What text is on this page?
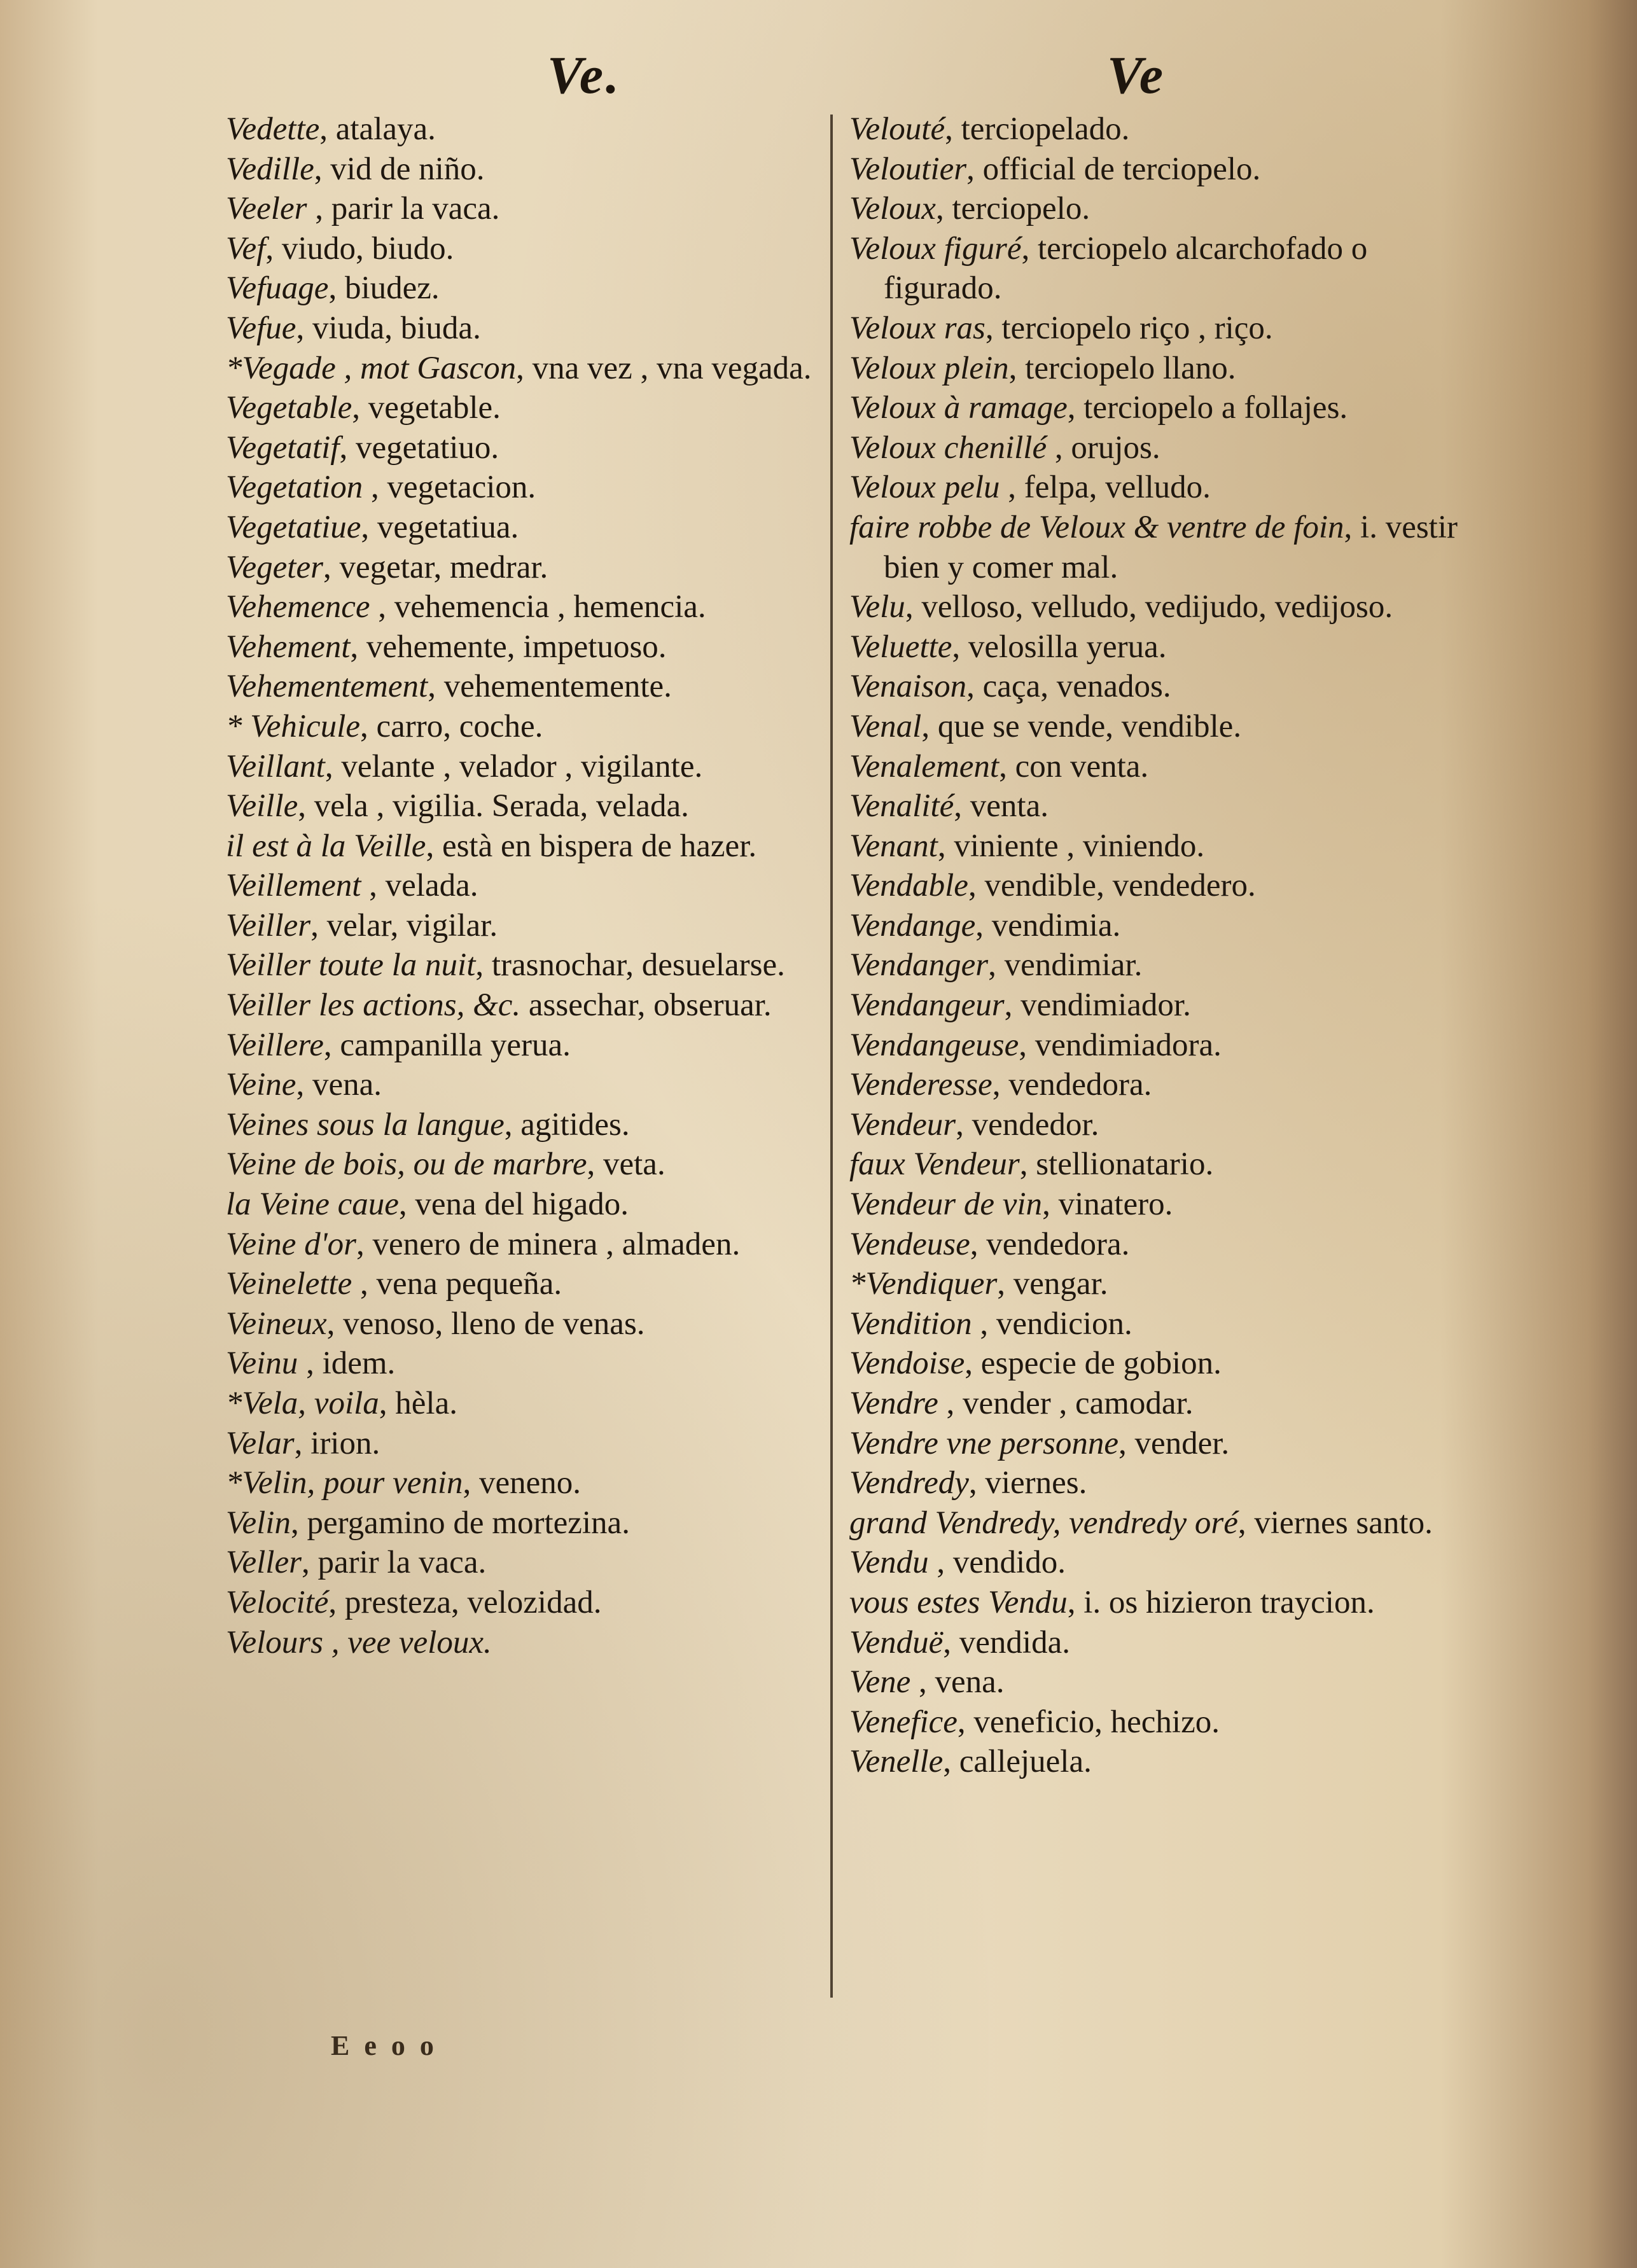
Ve.	Ve
Vedette, atalaya.
Vedille, vid de niño.
Veeler , parir la vaca.
Vef, viudo, biudo.
Vefuage, biudez.
Vefue, viuda, biuda.
*Vegade , mot Gascon, vna vez , vna vegada.
Vegetable, vegetable.
Vegetatif, vegetatiuo.
Vegetation , vegetacion.
Vegetatiue, vegetatiua.
Vegeter, vegetar, medrar.
Vehemence , vehemencia , hemencia.
Vehement, vehemente, impetuoso.
Vehementement, vehementemente.
* Vehicule, carro, coche.
Veillant, velante , velador , vigilante.
Veille, vela , vigilia. Serada, velada.
il est à la Veille, està en bispera de hazer.
Veillement , velada.
Veiller, velar, vigilar.
Veiller toute la nuit, trasnochar, desuelarse.
Veiller les actions, &c. assechar, obseruar.
Veillere, campanilla yerua.
Veine, vena.
Veines sous la langue, agitides.
Veine de bois, ou de marbre, veta.
la Veine caue, vena del higado.
Veine d'or, venero de minera , almaden.
Veinelette , vena pequeña.
Veineux, venoso, lleno de venas.
Veinu , idem.
*Vela, voila, hèla.
Velar, irion.
*Velin, pour venin, veneno.
Velin, pergamino de mortezina.
Veller, parir la vaca.
Velocité, presteza, velozidad.
Velours , vee veloux.
Velouté, terciopelado.
Veloutier, official de terciopelo.
Veloux, terciopelo.
Veloux figuré, terciopelo alcarchofado o figurado.
Veloux ras, terciopelo riço , riço.
Veloux plein, terciopelo llano.
Veloux à ramage, terciopelo a follajes.
Veloux chenillé , orujos.
Veloux pelu , felpa, velludo.
faire robbe de Veloux & ventre de foin, i. vestir bien y comer mal.
Velu, velloso, velludo, vedijudo, vedijoso.
Veluette, velosilla yerua.
Venaison, caça, venados.
Venal, que se vende, vendible.
Venalement, con venta.
Venalité, venta.
Venant, viniente , viniendo.
Vendable, vendible, vendedero.
Vendange, vendimia.
Vendanger, vendimiar.
Vendangeur, vendimiador.
Vendangeuse, vendimiadora.
Venderesse, vendedora.
Vendeur, vendedor.
faux Vendeur, stellionatario.
Vendeur de vin, vinatero.
Vendeuse, vendedora.
*Vendiquer, vengar.
Vendition , vendicion.
Vendoise, especie de gobion.
Vendre , vender , camodar.
Vendre vne personne, vender.
Vendredy, viernes.
grand Vendredy, vendredy oré, viernes santo.
Vendu , vendido.
vous estes Vendu, i. os hizieron traycion.
Venduë, vendida.
Vene , vena.
Venefice, veneficio, hechizo.
Venelle, callejuela.
E e o o
